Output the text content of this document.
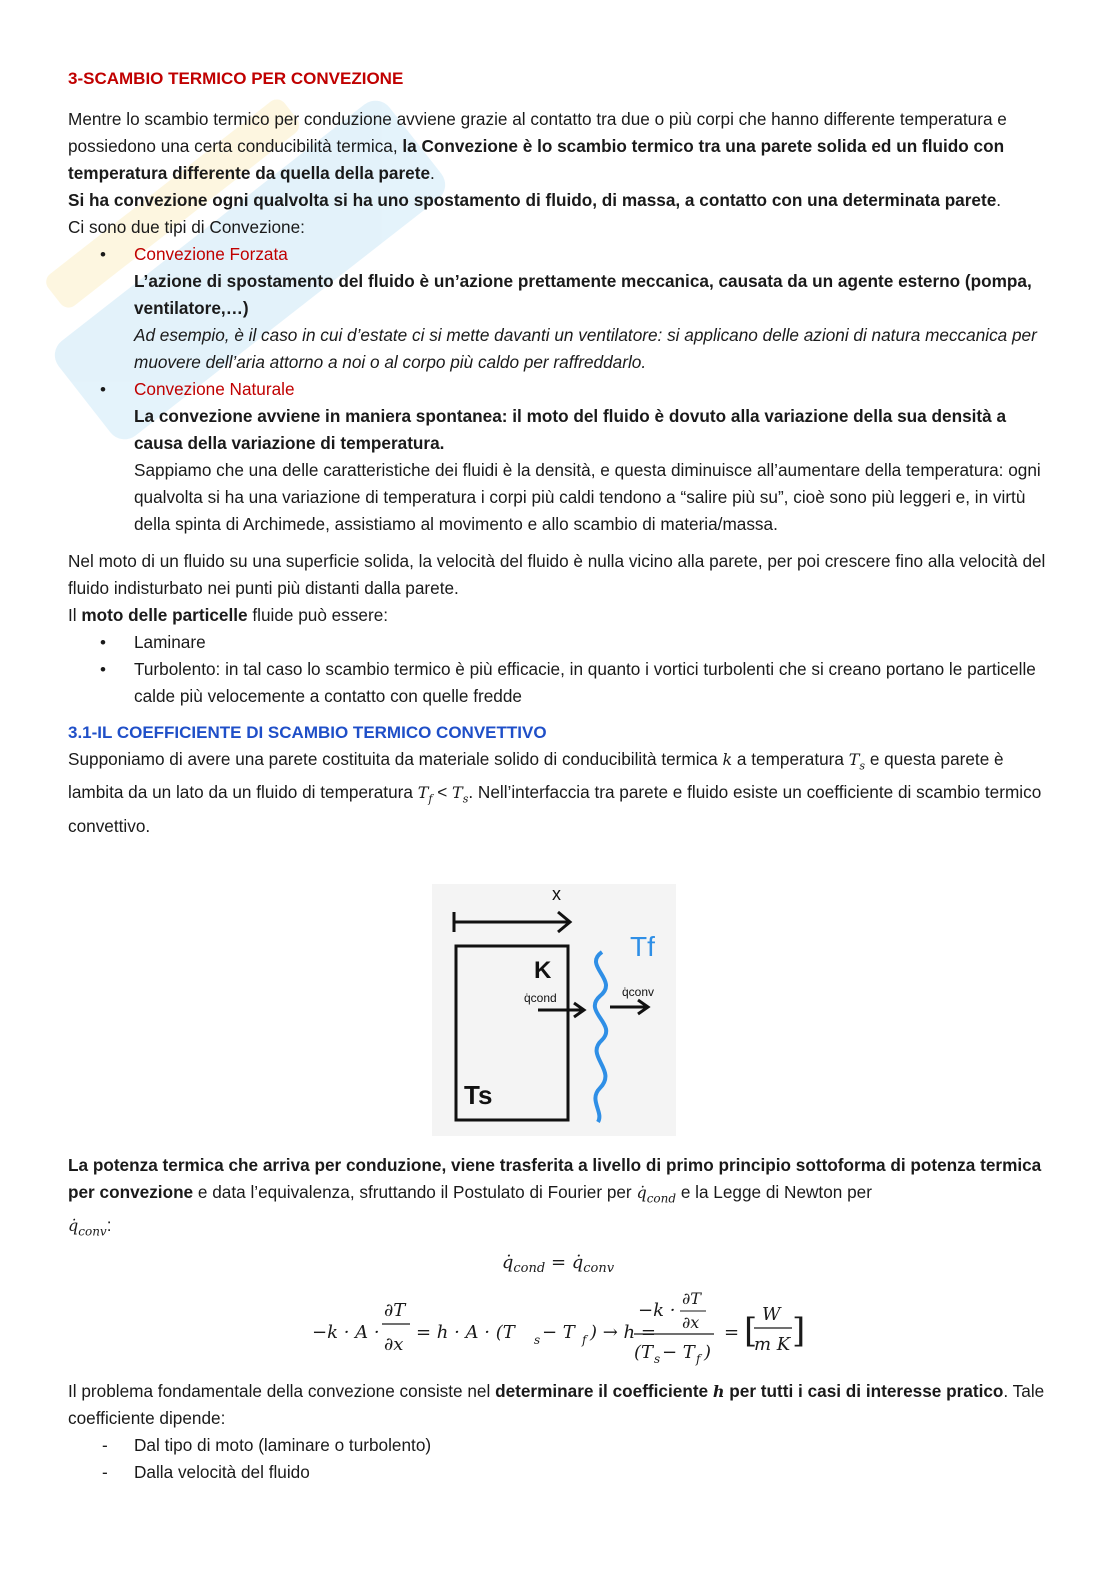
3-SCAMBIO TERMICO PER CONVEZIONE

Mentre lo scambio termico per conduzione avviene grazie al contatto tra due o più corpi che hanno differente temperatura e possiedono una certa conducibilità termica, la Convezione è lo scambio termico tra una parete solida ed un fluido con temperatura differente da quella della parete.

Si ha convezione ogni qualvolta si ha uno spostamento di fluido, di massa, a contatto con una determinata parete.

Ci sono due tipi di Convezione:

• Convezione Forzata
L’azione di spostamento del fluido è un’azione prettamente meccanica, causata da un agente esterno (pompa, ventilatore,…)
Ad esempio, è il caso in cui d’estate ci si mette davanti un ventilatore: si applicano delle azioni di natura meccanica per muovere dell’aria attorno a noi o al corpo più caldo per raffreddarlo.
• Convezione Naturale
La convezione avviene in maniera spontanea: il moto del fluido è dovuto alla variazione della sua densità a causa della variazione di temperatura.
Sappiamo che una delle caratteristiche dei fluidi è la densità, e questa diminuisce all’aumentare della temperatura: ogni qualvolta si ha una variazione di temperatura i corpi più caldi tendono a “salire più su”, cioè sono più leggeri e, in virtù della spinta di Archimede, assistiamo al movimento e allo scambio di materia/massa.

Nel moto di un fluido su una superficie solida, la velocità del fluido è nulla vicino alla parete, per poi crescere fino alla velocità del fluido indisturbato nei punti più distanti dalla parete.

Il moto delle particelle fluide può essere:

• Laminare
• Turbolento: in tal caso lo scambio termico è più efficacie, in quanto i vortici turbolenti che si creano portano le particelle calde più velocemente a contatto con quelle fredde
3.1-IL COEFFICIENTE DI SCAMBIO TERMICO CONVETTIVO

Supponiamo di avere una parete costituita da materiale solido di conducibilità termica k a temperatura $T_s$ e questa parete è lambita da un lato da un fluido di temperatura $T_f < T_s$. Nell’interfaccia tra parete e fluido esiste un coefficiente di scambio termico convettivo.

x
K
q̇cond	q̇conv
Tf
Ts
La potenza termica che arriva per conduzione, viene trasferita a livello di primo principio sottoforma di potenza termica per convezione e data l’equivalenza, sfruttando il Postulato di Fourier per $q̇_{cond}$ e la Legge di Newton per
$q̇_{conv}$:
$q̇_{cond}$ = $q̇_{conv}$
−k · A ·
∂T
∂x
= h · A · (T s − T f ) → h =
−k ·
∂T
∂x
(T s − T f )
= [ W
m K ]

Il problema fondamentale della convezione consiste nel determinare il coefficiente h per tutti i casi di interesse pratico. Tale coefficiente dipende:

- Dal tipo di moto (laminare o turbolento)
- Dalla velocità del fluido
